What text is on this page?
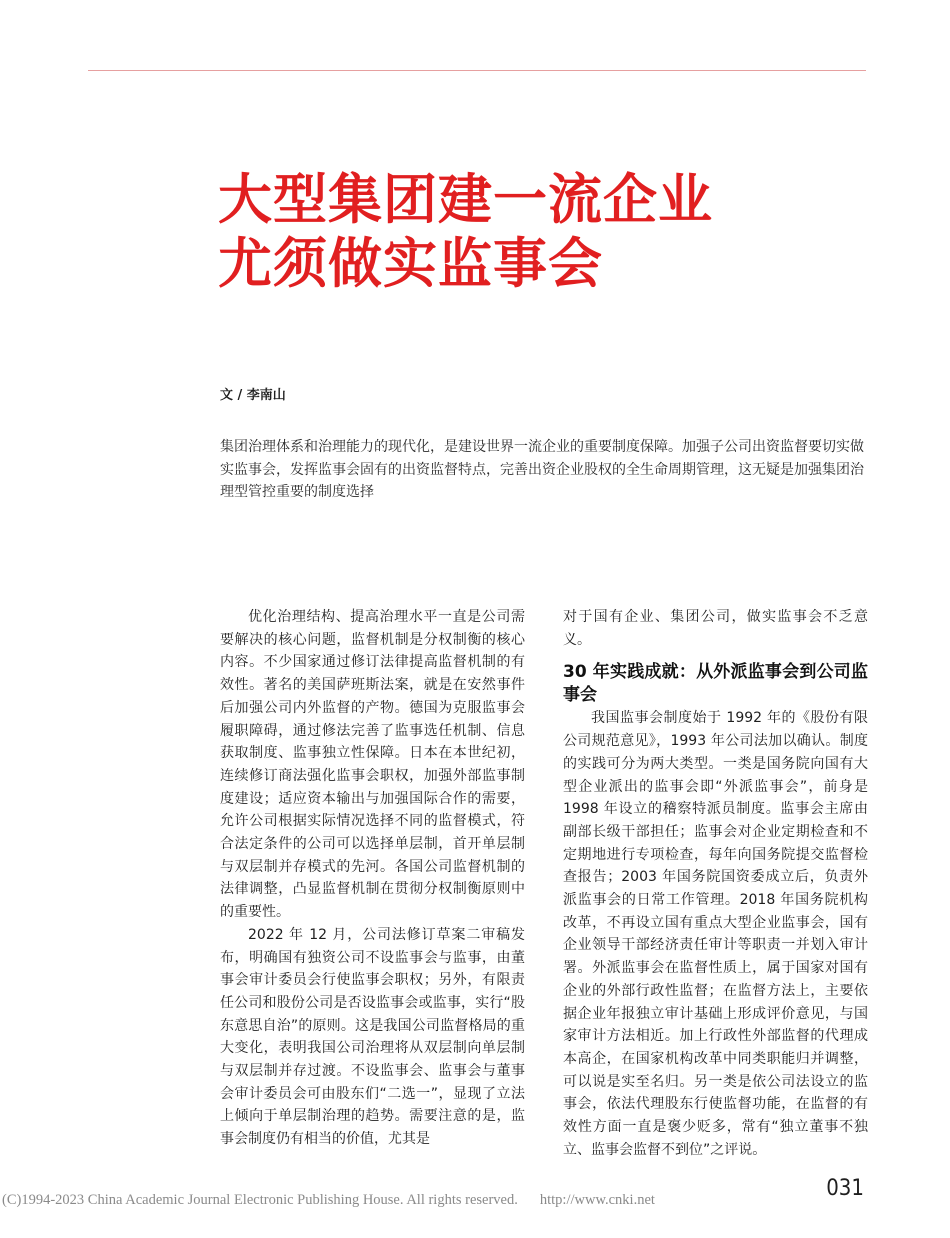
大型集团建一流企业
尤须做实监事会
文 / 李南山
集团治理体系和治理能力的现代化，是建设世界一流企业的重要制度保障。加强子公司出资监督要切实做实监事会，发挥监事会固有的出资监督特点，完善出资企业股权的全生命周期管理，这无疑是加强集团治理型管控重要的制度选择

优化治理结构、提高治理水平一直是公司需要解决的核心问题，监督机制是分权制衡的核心内容。不少国家通过修订法律提高监督机制的有效性。著名的美国萨班斯法案，就是在安然事件后加强公司内外监督的产物。德国为克服监事会履职障碍，通过修法完善了监事选任机制、信息获取制度、监事独立性保障。日本在本世纪初，连续修订商法强化监事会职权，加强外部监事制度建设；适应资本输出与加强国际合作的需要，允许公司根据实际情况选择不同的监督模式，符合法定条件的公司可以选择单层制，首开单层制与双层制并存模式的先河。各国公司监督机制的法律调整，凸显监督机制在贯彻分权制衡原则中的重要性。

2022 年 12 月，公司法修订草案二审稿发布，明确国有独资公司不设监事会与监事，由董事会审计委员会行使监事会职权；另外，有限责任公司和股份公司是否设监事会或监事，实行“股东意思自治”的原则。这是我国公司监督格局的重大变化，表明我国公司治理将从双层制向单层制与双层制并存过渡。不设监事会、监事会与董事会审计委员会可由股东们“二选一”，显现了立法上倾向于单层制治理的趋势。需要注意的是，监事会制度仍有相当的价值，尤其是

对于国有企业、集团公司，做实监事会不乏意义。

30 年实践成就：从外派监事会到公司监事会

我国监事会制度始于 1992 年的《股份有限公司规范意见》，1993 年公司法加以确认。制度的实践可分为两大类型。一类是国务院向国有大型企业派出的监事会即“外派监事会”，前身是 1998 年设立的稽察特派员制度。监事会主席由副部长级干部担任；监事会对企业定期检查和不定期地进行专项检查，每年向国务院提交监督检查报告；2003 年国务院国资委成立后，负责外派监事会的日常工作管理。2018 年国务院机构改革，不再设立国有重点大型企业监事会，国有企业领导干部经济责任审计等职责一并划入审计署。外派监事会在监督性质上，属于国家对国有企业的外部行政性监督；在监督方法上，主要依据企业年报独立审计基础上形成评价意见，与国家审计方法相近。加上行政性外部监督的代理成本高企，在国家机构改革中同类职能归并调整，可以说是实至名归。另一类是依公司法设立的监事会，依法代理股东行使监督功能，在监督的有效性方面一直是褒少贬多，常有“独立董事不独立、监事会监督不到位”之评说。

031
(C)1994-2023 China Academic Journal Electronic Publishing House. All rights reserved. http://www.cnki.net
